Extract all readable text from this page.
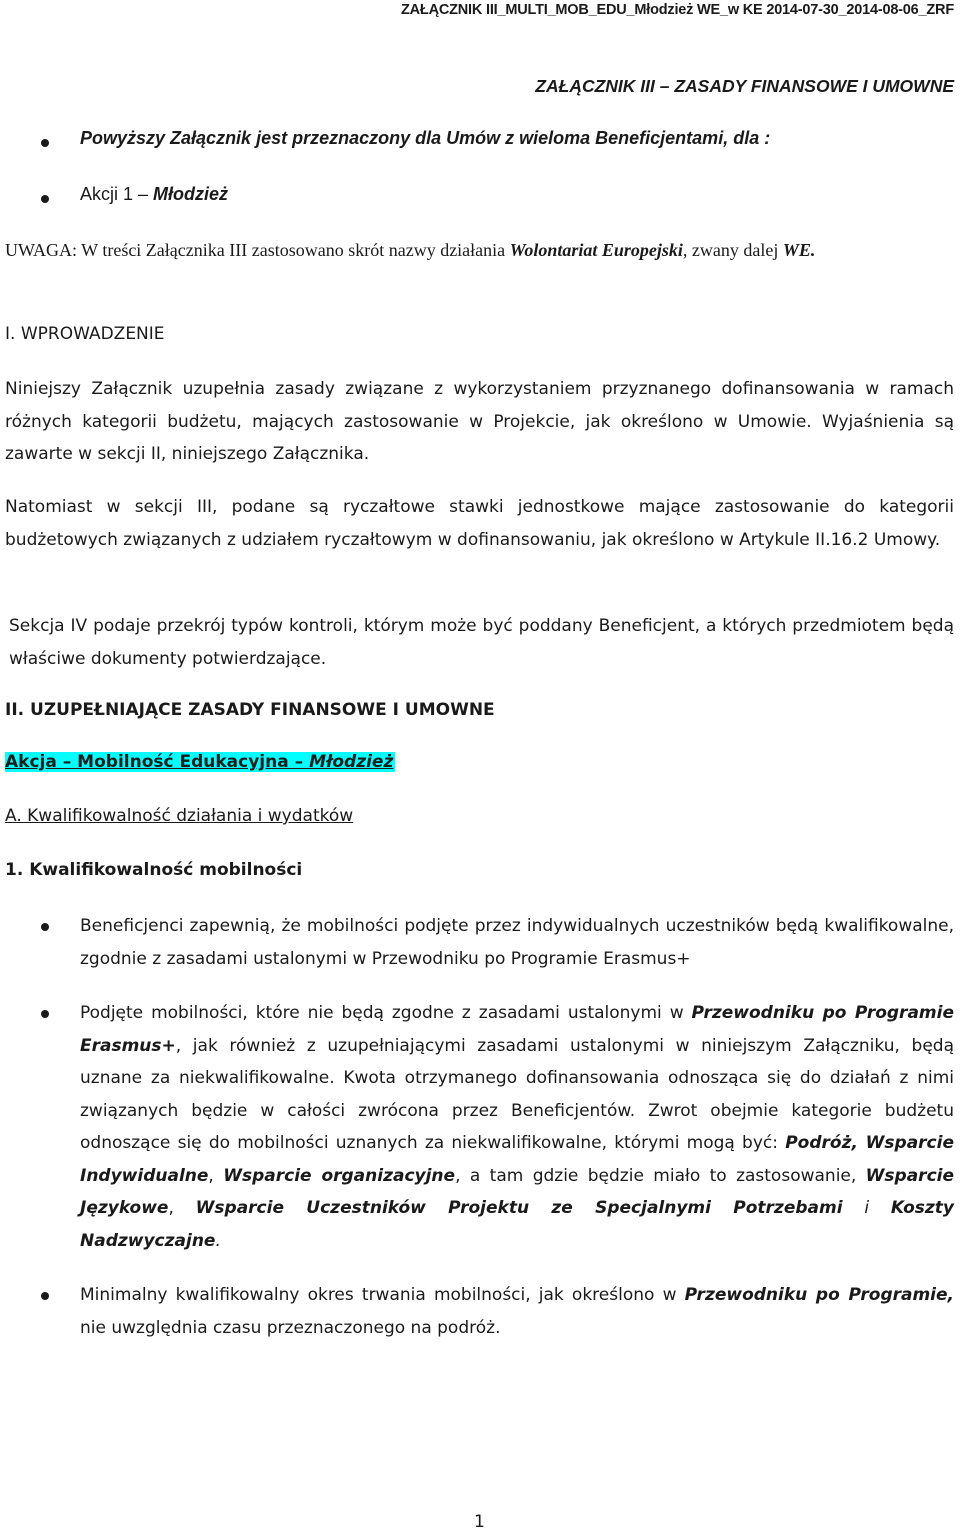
ZAŁĄCZNIK III_MULTI_MOB_EDU_Młodzież WE_w KE 2014-07-30_2014-08-06_ZRF
ZAŁĄCZNIK III – ZASADY FINANSOWE I UMOWNE
Powyższy Załącznik jest przeznaczony dla Umów z wieloma Beneficjentami, dla :
Akcji 1 – Młodzież
UWAGA: W treści Załącznika III zastosowano skrót nazwy działania Wolontariat Europejski, zwany dalej WE.
I. WPROWADZENIE
Niniejszy Załącznik uzupełnia zasady związane z wykorzystaniem przyznanego dofinansowania w ramach różnych kategorii budżetu, mających zastosowanie w Projekcie, jak określono w Umowie. Wyjaśnienia są zawarte w sekcji II, niniejszego Załącznika.
Natomiast w sekcji III, podane są ryczałtowe stawki jednostkowe mające zastosowanie do kategorii budżetowych związanych z udziałem ryczałtowym w dofinansowaniu, jak określono w Artykule II.16.2 Umowy.
Sekcja IV podaje przekrój typów kontroli, którym może być poddany Beneficjent, a których przedmiotem będą właściwe dokumenty potwierdzające.
II. UZUPEŁNIAJĄCE ZASADY FINANSOWE I UMOWNE
Akcja – Mobilność Edukacyjna – Młodzież
A. Kwalifikowalność działania i wydatków
1. Kwalifikowalność mobilności
Beneficjenci zapewnią, że mobilności podjęte przez indywidualnych uczestników będą kwalifikowalne, zgodnie z zasadami ustalonymi w Przewodniku po Programie Erasmus+
Podjęte mobilności, które nie będą zgodne z zasadami ustalonymi w Przewodniku po Programie Erasmus+, jak również z uzupełniającymi zasadami ustalonymi w niniejszym Załączniku, będą uznane za niekwalifikowalne. Kwota otrzymanego dofinansowania odnosząca się do działań z nimi związanych będzie w całości zwrócona przez Beneficjentów. Zwrot obejmie kategorie budżetu odnoszące się do mobilności uznanych za niekwalifikowalne, którymi mogą być: Podróż, Wsparcie Indywidualne, Wsparcie organizacyjne, a tam gdzie będzie miało to zastosowanie, Wsparcie Językowe, Wsparcie Uczestników Projektu ze Specjalnymi Potrzebami i Koszty Nadzwyczajne.
Minimalny kwalifikowalny okres trwania mobilności, jak określono w Przewodniku po Programie, nie uwzględnia czasu przeznaczonego na podróż.
1
